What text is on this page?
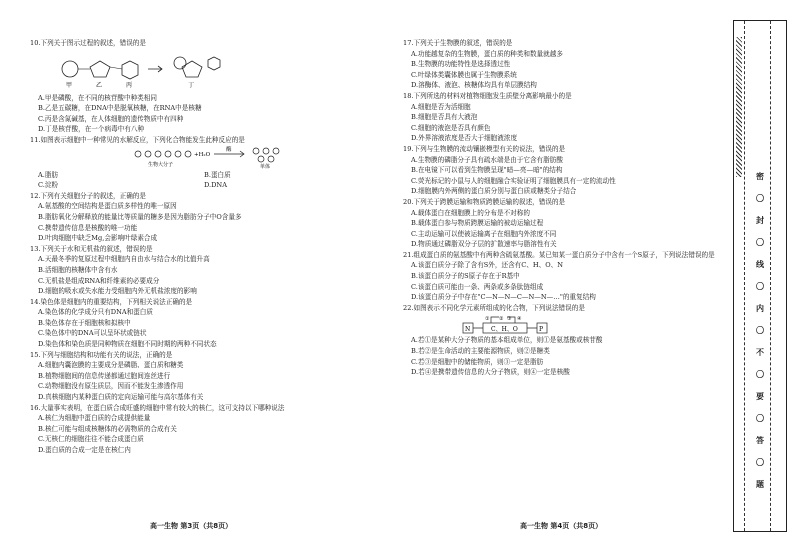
10.下列关于图示过程的叙述，错误的是
甲	乙	丙	丁
A.甲是磷酸，在不同的核苷酸中种类相同
B.乙是五碳糖，在DNA中是脱氧核糖，在RNA中是核糖
C.丙是含氮碱基，在人体细胞的遗传物质中有四种
D.丁是核苷酸，在一个病毒中有八种
11.如图表示细胞中一种常见的水解反应，下列化合物能发生此种反应的是
+H₂O
酶
生物大分子	单体
A.脂肪	B.蛋白质
C.淀粉	D.DNA
12.下列有关细胞分子的叙述，正确的是
A.氨基酸的空间结构是蛋白质多样性的唯一原因
B.脂肪氧化分解释放的能量比等质量的糖多是因为脂肪分子中O含量多
C.携带遗传信息是核酸的唯一功能
D.叶肉细胞中缺乏Mg,会影响叶绿素合成
13.下列关于水和无机盐的叙述，错误的是
A.天最冬季的复原过程中细胞内自由水与结合水的比值升高
B.活细胞的核糖体中含有水
C.无机盐是组成RNA和纤维素的必要成分
D.细胞的吸水或失水能力受细胞内外无机盐浓度的影响
14.染色体是细胞内的重要结构，下列相关说法正确的是
A.染色体的化学成分只有DNA和蛋白质
B.染色体存在于细胞核和拟核中
C.染色体中的DNA可以呈环状或链状
D.染色体和染色质是同种物质在细胞不同时期的两种不同状态
15.下列与细胞结构和功能有关的说法，正确的是
A.细胞内囊泡膜的主要成分是磷脂、蛋白质和糖类
B.植物细胞间的信息传递都通过胞间连丝进行
C.动物细胞没有原生质层，因而不能发生渗透作用
D.真核细胞内某种蛋白质的定向运输可能与高尔基体有关
16.大量事实表明，在蛋白质合成旺盛的细胞中常有较大的核仁，这可支持以下哪种说法
A.核仁为细胞中蛋白质的合成提供能量
B.核仁可能与组成核糖体的必需物质的合成有关
C.无核仁的细胞往往不能合成蛋白质
D.蛋白质的合成一定是在核仁内
17.下列关于生物膜的叙述，错误的是
A.功能越复杂的生物膜，蛋白质的种类和数量就越多
B.生物膜的功能特性是选择透过性
C.叶绿体类囊体膜也属于生物膜系统
D.溶酶体、液泡、核糖体均具有单层膜结构
18.下列所选的材料对植物细胞发生质壁分离影响最小的是
A.细胞是否为活细胞
B.细胞是否具有大液泡
C.细胞的液泡是否具有颜色
D.外界溶液浓度是否大于细胞液浓度
19.下列与生物膜的流动镶嵌模型有关的说法，错误的是
A.生物膜的磷脂分子具有疏水端是由于它含有脂肪酸
B.在电镜下可以看到生物膜呈现"暗—亮—暗"的结构
C.荧光标记的小鼠与人的细胞融合实验证明了细胞膜具有一定的流动性
D.细胞膜内外两侧的蛋白质分别与蛋白质或糖类分子结合
20.下列关于跨膜运输和物质跨膜运输的叙述，错误的是
A.载体蛋白在细胞膜上的分布是不对称的
B.载体蛋白参与物质跨膜运输的被动运输过程
C.主动运输可以使被运输离子在细胞内外浓度不同
D.物质通过磷脂双分子层的扩散速率与脂溶性有关
21.组成蛋白质的氨基酸中有两种含硫氨基酸。某已知某一蛋白质分子中含有一个S原子，下列说法错误的是
A.该蛋白质分子除了含有S外，还含有C、H、O、N
B.该蛋白质分子的S原子存在于R基中
C.该蛋白质可能由一条、两条或多条肽链组成
D.该蛋白质分子中存在"C—N—N—C—N—N—…"的重复结构
22.如图表示不同化学元素所组成的化合物，下列说法错误的是
N	C、H、O	P
① ② ③ ④
A.若①是某种大分子物质的基本组成单位，则①是氨基酸或核苷酸
B.若②是生命活动的主要能源物质，则②是糖类
C.若③是细胞中的储能物质，则③一定是脂肪
D.若④是携带遗传信息的大分子物质，则④一定是核酸
高一生物 第3页（共8页）	高一生物 第4页（共8页）
密
〇
封
〇
线
〇
内
〇
不
〇
要
〇
答
〇
题
